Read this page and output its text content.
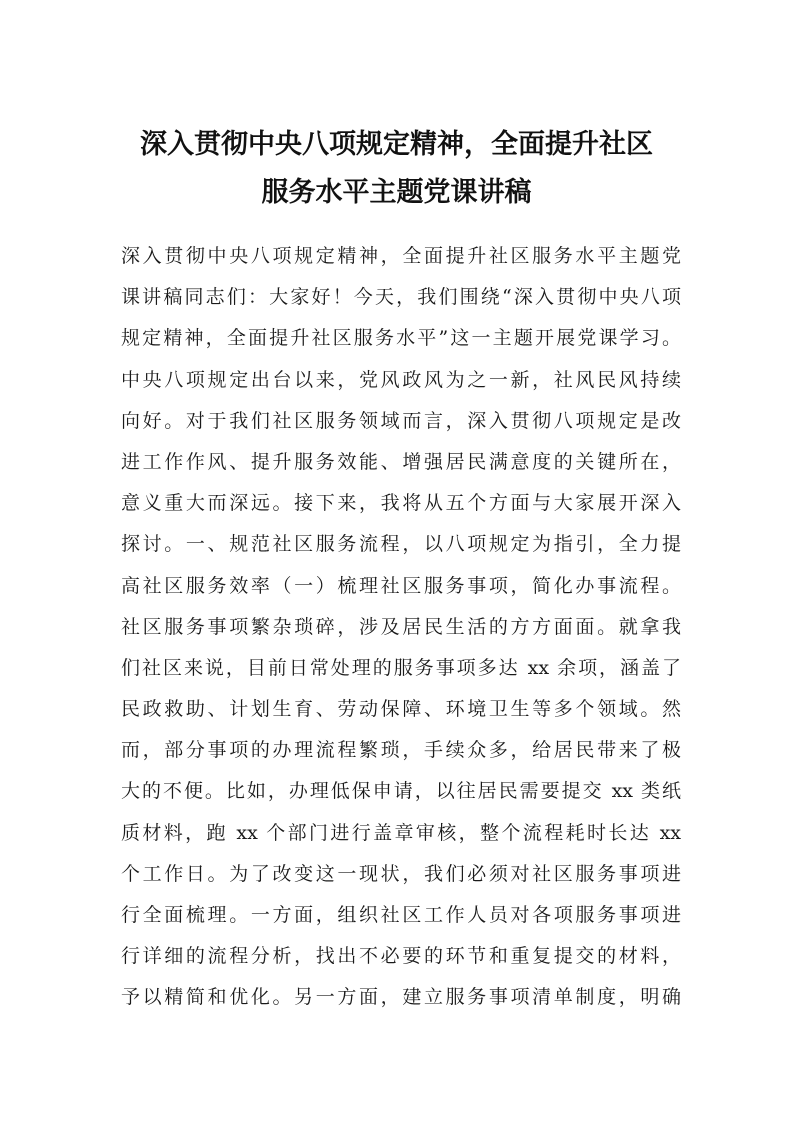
深入贯彻中央八项规定精神，全面提升社区
服务水平主题党课讲稿
深入贯彻中央八项规定精神，全面提升社区服务水平主题党
课讲稿同志们：大家好！今天，我们围绕“深入贯彻中央八项
规定精神，全面提升社区服务水平”这一主题开展党课学习。
中央八项规定出台以来，党风政风为之一新，社风民风持续
向好。对于我们社区服务领域而言，深入贯彻八项规定是改
进工作作风、提升服务效能、增强居民满意度的关键所在，
意义重大而深远。接下来，我将从五个方面与大家展开深入
探讨。一、规范社区服务流程，以八项规定为指引，全力提
高社区服务效率（一）梳理社区服务事项，简化办事流程。
社区服务事项繁杂琐碎，涉及居民生活的方方面面。就拿我
们社区来说，目前日常处理的服务事项多达 xx 余项，涵盖了
民政救助、计划生育、劳动保障、环境卫生等多个领域。然
而，部分事项的办理流程繁琐，手续众多，给居民带来了极
大的不便。比如，办理低保申请，以往居民需要提交 xx 类纸
质材料，跑 xx 个部门进行盖章审核，整个流程耗时长达 xx
个工作日。为了改变这一现状，我们必须对社区服务事项进
行全面梳理。一方面，组织社区工作人员对各项服务事项进
行详细的流程分析，找出不必要的环节和重复提交的材料，
予以精简和优化。另一方面，建立服务事项清单制度，明确
